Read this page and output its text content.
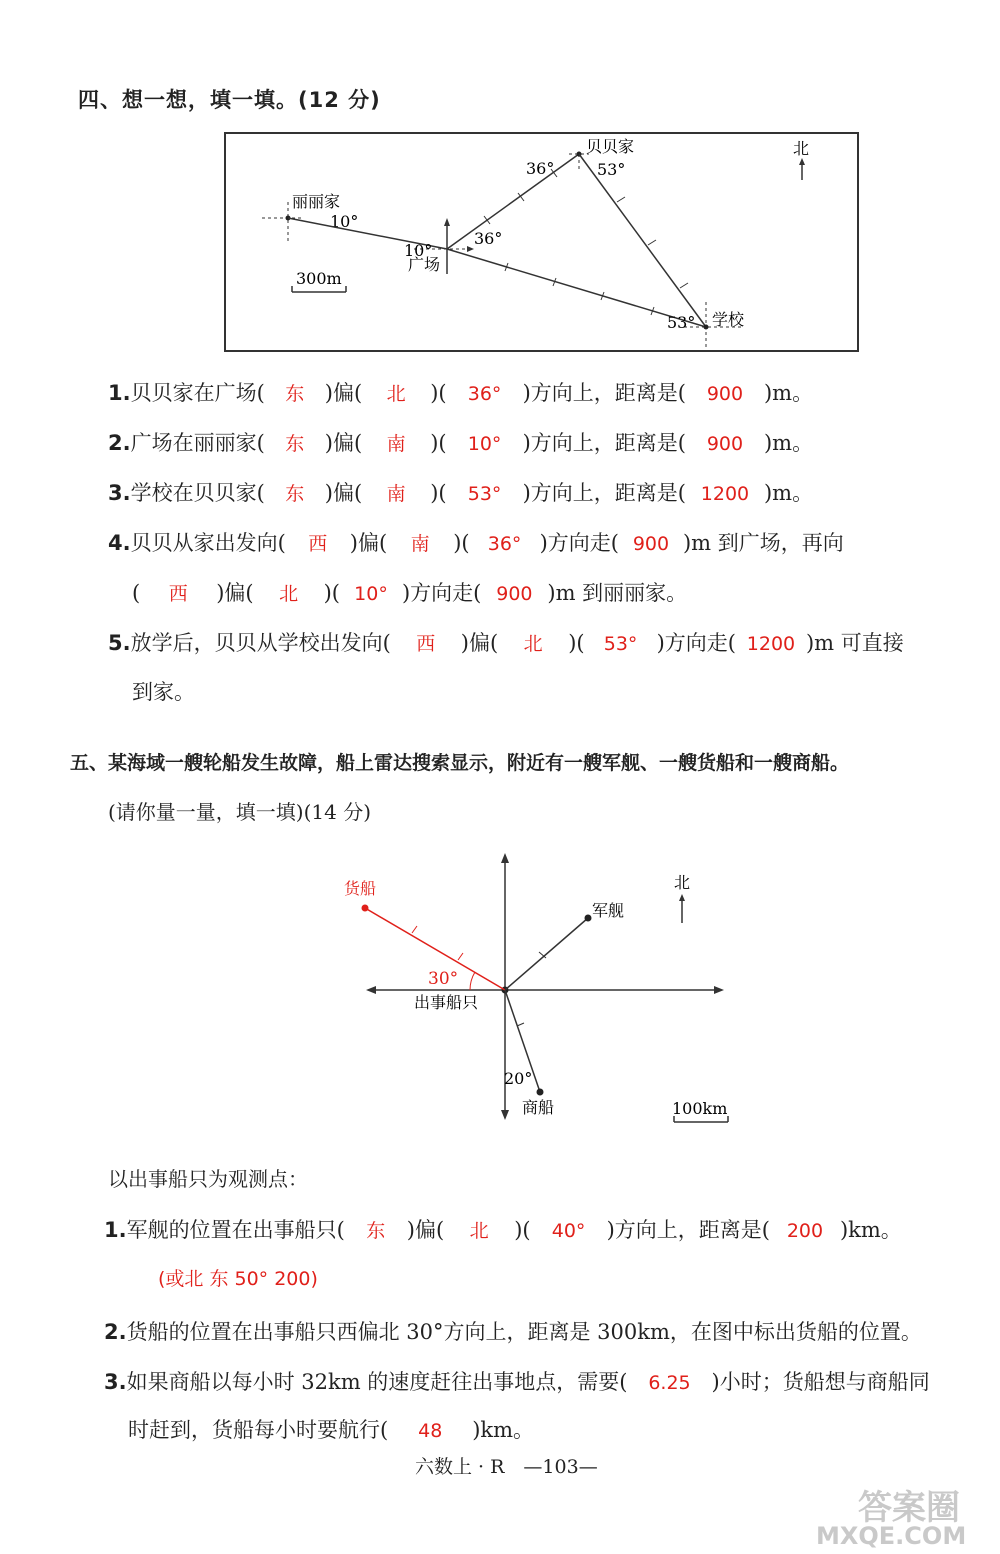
四、想一想，填一填。(12 分)
北
丽丽家
10°
10°
广场
36°
贝贝家
36°	53°
学校
53°
300m
1.贝贝家在广场( 东 )偏( 北 )( 36° )方向上，距离是( 900 )m。
2.广场在丽丽家( 东 )偏( 南 )( 10° )方向上，距离是( 900 )m。
3.学校在贝贝家( 东 )偏( 南 )( 53° )方向上，距离是( 1200 )m。
4.贝贝从家出发向( 西 )偏( 南 )( 36° )方向走( 900 )m 到广场，再向
( 西 )偏( 北 )( 10° )方向走( 900 )m 到丽丽家。
5.放学后，贝贝从学校出发向( 西 )偏( 北 )( 53° )方向走( 1200 )m 可直接
到家。
五、某海域一艘轮船发生故障，船上雷达搜索显示，附近有一艘军舰、一艘货船和一艘商船。
(请你量一量，填一填)(14 分)
出事船只
货船
30°
军舰
商船
20°
北
100km
以出事船只为观测点：
1.军舰的位置在出事船只( 东 )偏( 北 )( 40° )方向上，距离是( 200 )km。
(或北 东 50° 200)
2.货船的位置在出事船只西偏北 30°方向上，距离是 300km，在图中标出货船的位置。
3.如果商船以每小时 32km 的速度赶往出事地点，需要( 6.25 )小时；货船想与商船同
时赶到，货船每小时要航行( 48 )km。
六数上 · R　—103—
答案圈
MXQE.COM
